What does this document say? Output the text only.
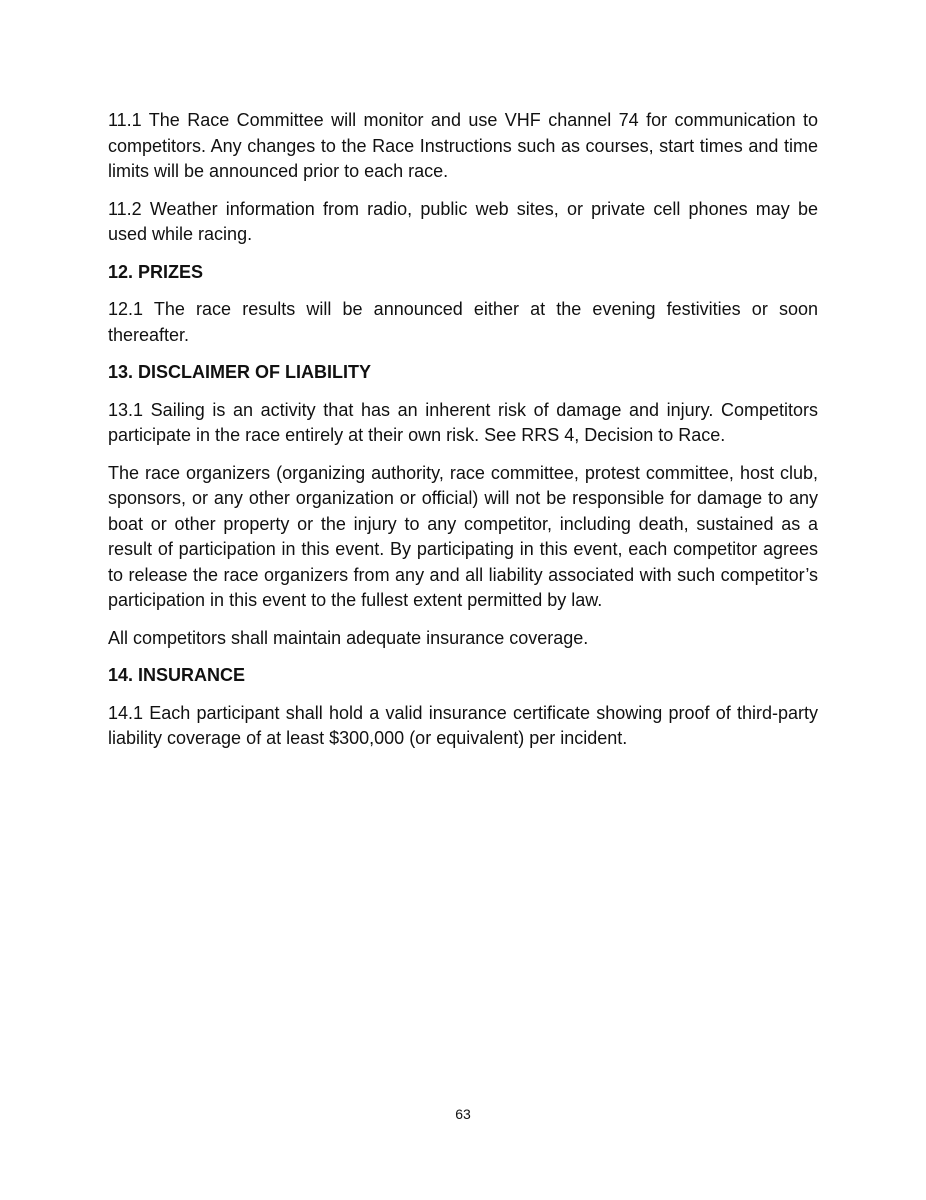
11.1 The Race Committee will monitor and use VHF channel 74 for communication to competitors. Any changes to the Race Instructions such as courses, start times and time limits will be announced prior to each race.

11.2 Weather information from radio, public web sites, or private cell phones may be used while racing.

12. PRIZES

12.1 The race results will be announced either at the evening festivities or soon thereafter.

13. DISCLAIMER OF LIABILITY

13.1 Sailing is an activity that has an inherent risk of damage and injury. Competitors participate in the race entirely at their own risk. See RRS 4, Decision to Race.

The race organizers (organizing authority, race committee, protest committee, host club, sponsors, or any other organization or official) will not be responsible for damage to any boat or other property or the injury to any competitor, including death, sustained as a result of participation in this event. By participating in this event, each competitor agrees to release the race organizers from any and all liability associated with such competitor’s participation in this event to the fullest extent permitted by law.

All competitors shall maintain adequate insurance coverage.

14. INSURANCE

14.1 Each participant shall hold a valid insurance certificate showing proof of third-party liability coverage of at least $300,000 (or equivalent) per incident.

63
